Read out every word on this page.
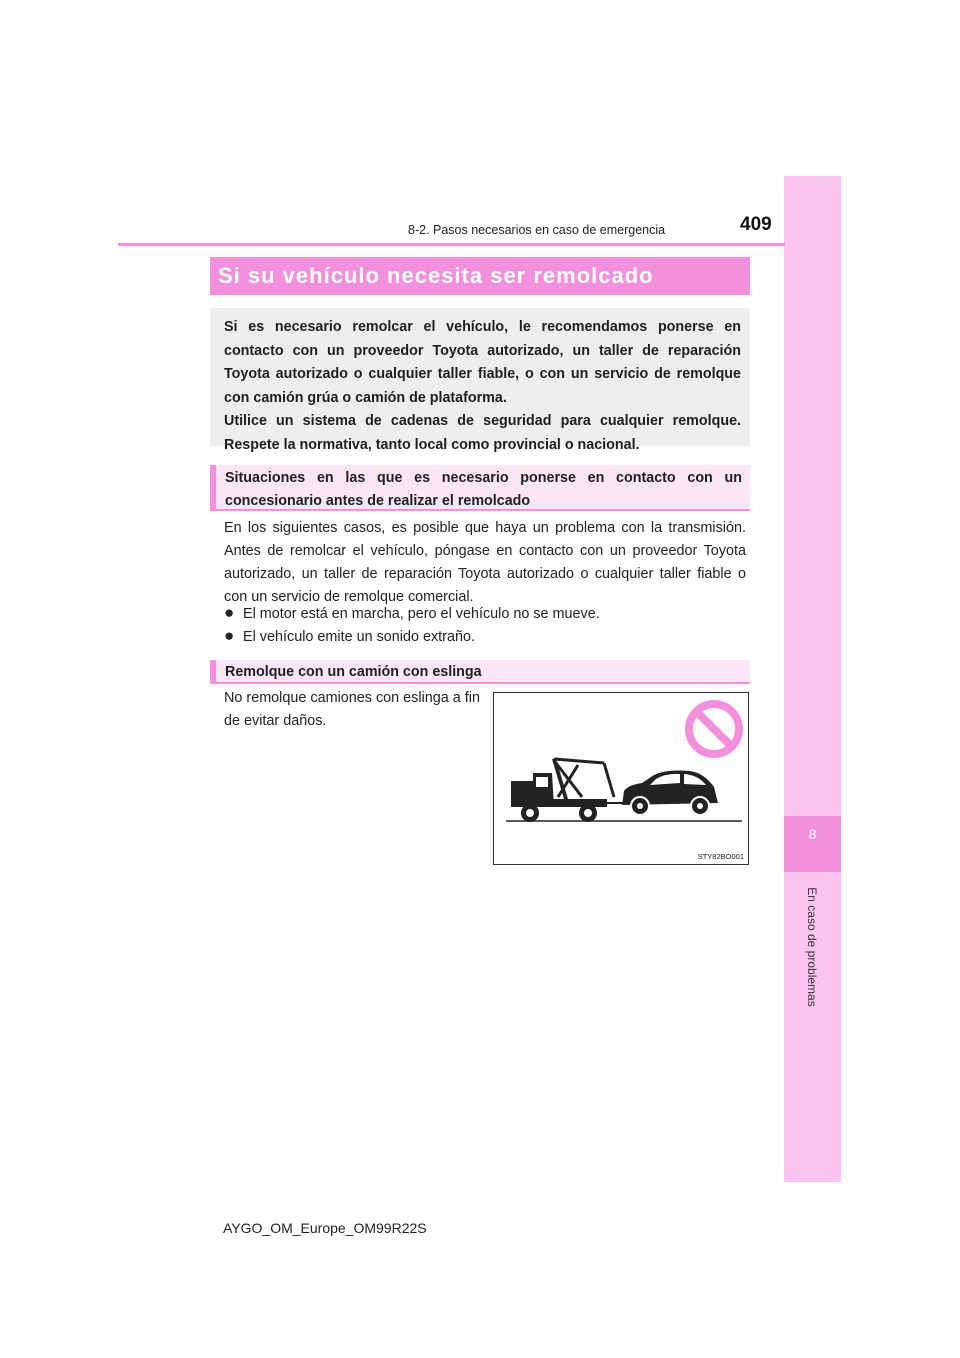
8
En caso de problemas
8-2. Pasos necesarios en caso de emergencia	409
Si su vehículo necesita ser remolcado

Si es necesario remolcar el vehículo, le recomendamos ponerse en contacto con un proveedor Toyota autorizado, un taller de reparación Toyota autorizado o cualquier taller fiable, o con un servicio de remolque con camión grúa o camión de plataforma.

Utilice un sistema de cadenas de seguridad para cualquier remolque. Respete la normativa, tanto local como provincial o nacional.

Situaciones en las que es necesario ponerse en contacto con un concesionario antes de realizar el remolcado
En los siguientes casos, es posible que haya un problema con la transmisión. Antes de remolcar el vehículo, póngase en contacto con un proveedor Toyota autorizado, un taller de reparación Toyota autorizado o cualquier taller fiable o con un servicio de remolque comercial.
● El motor está en marcha, pero el vehículo no se mueve.
● El vehículo emite un sonido extraño.
Remolque con un camión con eslinga
No remolque camiones con eslinga a fin de evitar daños.
STY82BO001
AYGO_OM_Europe_OM99R22S
